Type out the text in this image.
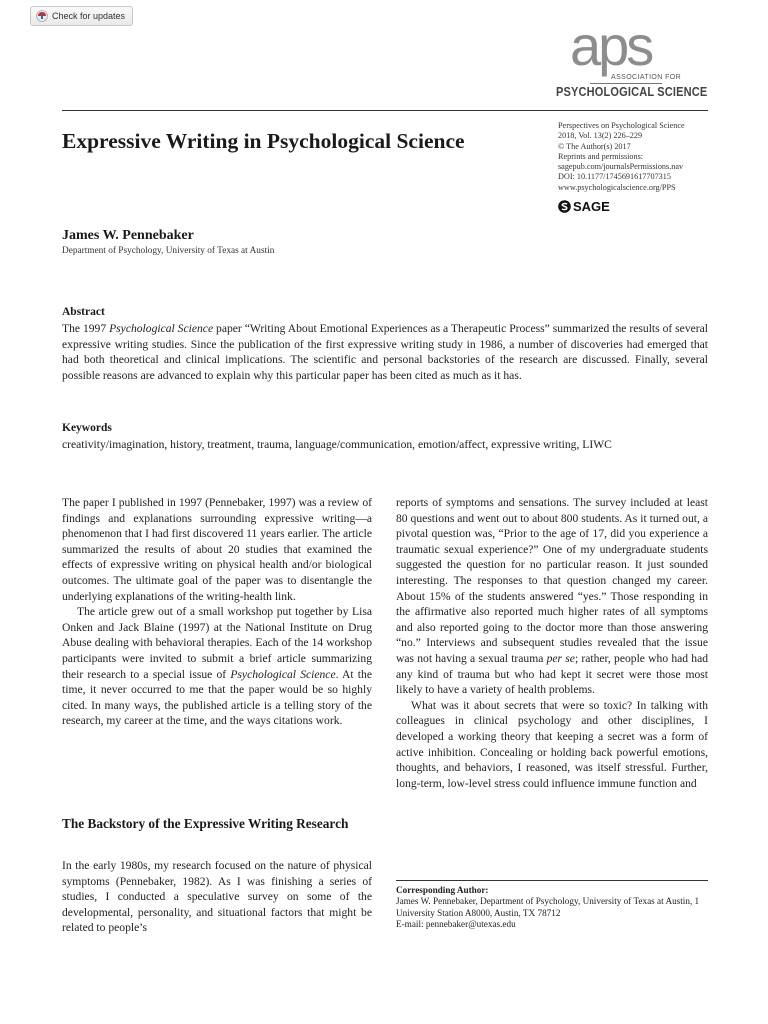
Check for updates	aps
ASSOCIATION FOR
PSYCHOLOGICAL SCIENCE
Expressive Writing in Psychological Science
Perspectives on Psychological Science
2018, Vol. 13(2) 226–229
© The Author(s) 2017
Reprints and permissions:
sagepub.com/journalsPermissions.nav
DOI: 10.1177/1745691617707315
www.psychologicalscience.org/PPS
SAGE
James W. Pennebaker
Department of Psychology, University of Texas at Austin
Abstract
The 1997 Psychological Science paper “Writing About Emotional Experiences as a Therapeutic Process” summarized the results of several expressive writing studies. Since the publication of the first expressive writing study in 1986, a number of discoveries had emerged that had both theoretical and clinical implications. The scientific and personal backstories of the research are discussed. Finally, several possible reasons are advanced to explain why this particular paper has been cited as much as it has.
Keywords
creativity/imagination, history, treatment, trauma, language/communication, emotion/affect, expressive writing, LIWC

The paper I published in 1997 (Pennebaker, 1997) was a review of findings and explanations surrounding expressive writing—a phenomenon that I had first discovered 11 years earlier. The article summarized the results of about 20 studies that examined the effects of expressive writing on physical health and/or biological outcomes. The ultimate goal of the paper was to disentangle the underlying explanations of the writing-health link.

The article grew out of a small workshop put together by Lisa Onken and Jack Blaine (1997) at the National Institute on Drug Abuse dealing with behavioral therapies. Each of the 14 workshop participants were invited to submit a brief article summarizing their research to a special issue of Psychological Science. At the time, it never occurred to me that the paper would be so highly cited. In many ways, the published article is a telling story of the research, my career at the time, and the ways citations work.

The Backstory of the Expressive Writing Research

In the early 1980s, my research focused on the nature of physical symptoms (Pennebaker, 1982). As I was finishing a series of studies, I conducted a speculative survey on some of the developmental, personality, and situational factors that might be related to people’s

reports of symptoms and sensations. The survey included at least 80 questions and went out to about 800 students. As it turned out, a pivotal question was, “Prior to the age of 17, did you experience a traumatic sexual experience?” One of my undergraduate students suggested the question for no particular reason. It just sounded interesting. The responses to that question changed my career. About 15% of the students answered “yes.” Those responding in the affirmative also reported much higher rates of all symptoms and also reported going to the doctor more than those answering “no.” Interviews and subsequent studies revealed that the issue was not having a sexual trauma per se; rather, people who had had any kind of trauma but who had kept it secret were those most likely to have a variety of health problems.

What was it about secrets that were so toxic? In talking with colleagues in clinical psychology and other disciplines, I developed a working theory that keeping a secret was a form of active inhibition. Concealing or holding back powerful emotions, thoughts, and behaviors, I reasoned, was itself stressful. Further, long-term, low-level stress could influence immune function and

Corresponding Author:
James W. Pennebaker, Department of Psychology, University of Texas at Austin, 1 University Station A8000, Austin, TX 78712
E-mail: pennebaker@utexas.edu
